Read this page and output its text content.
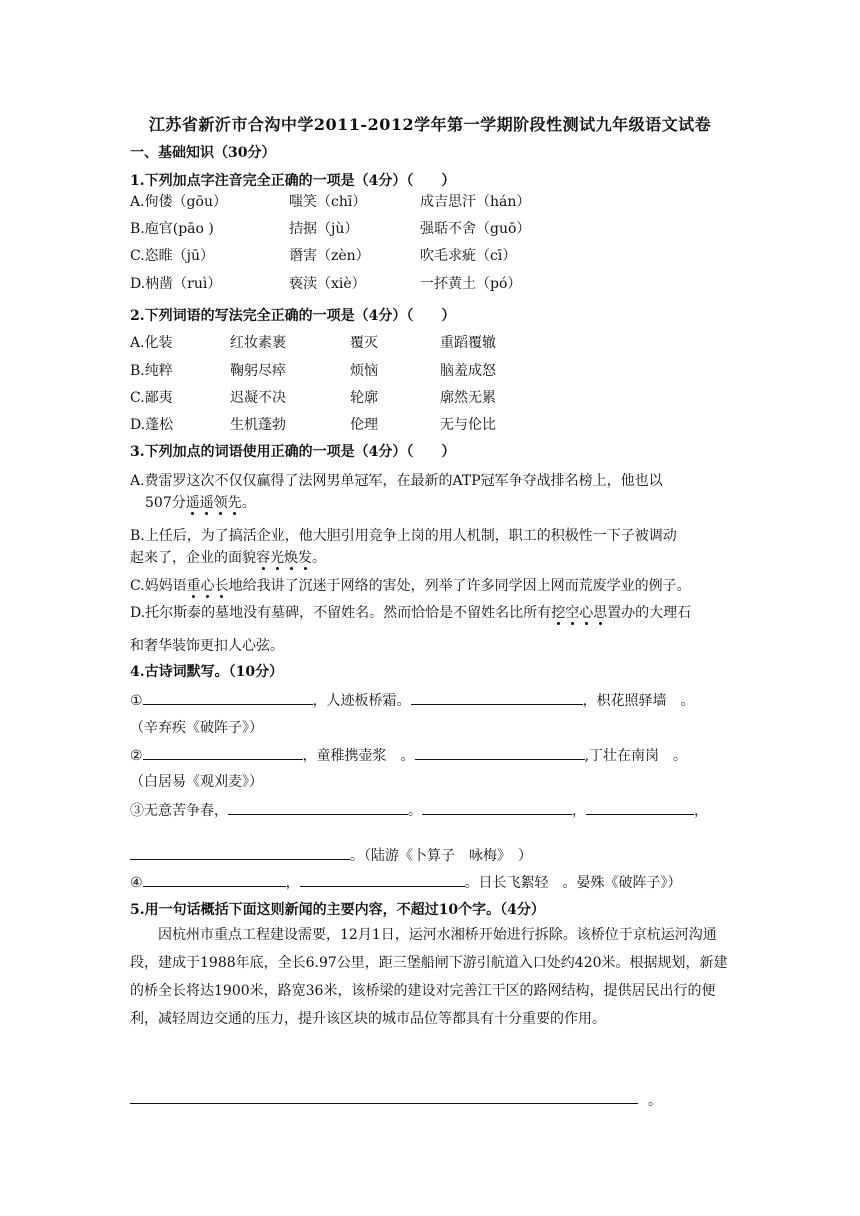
江苏省新沂市合沟中学2011-2012学年第一学期阶段性测试九年级语文试卷
一、基础知识（30分）
1.下列加点字注音完全正确的一项是（4分）（　　）
A.佝偻（gōu）	嗤笑（chī）	成吉思汗（hán）
B.庖官(pāo )	拮据（jù）	强聒不舍（guō）
C.恣睢（jū）	谮害（zèn）	吹毛求疵（cī）
D.枘凿（ruì）	亵渎（xiè）	一抔黄土（pó）
2.下列词语的写法完全正确的一项是（4分）（　　）
A.化装	红妆素裹	覆灭	重蹈覆辙
B.纯粹	鞠躬尽瘁	烦恼	脑羞成怒
C.鄙夷	迟凝不决	轮廓	廓然无累
D.蓬松	生机蓬勃	伦理	无与伦比
3.下列加点的词语使用正确的一项是（4分）（　　）
A.费雷罗这次不仅仅赢得了法网男单冠军，在最新的ATP冠军争夺战排名榜上，他也以
507分遥遥领先。
B.上任后，为了搞活企业，他大胆引用竞争上岗的用人机制，职工的积极性一下子被调动
起来了，企业的面貌容光焕发。
C.妈妈语重心长地给我讲了沉迷于网络的害处，列举了许多同学因上网而荒废学业的例子。
D.托尔斯泰的墓地没有墓碑，不留姓名。然而恰恰是不留姓名比所有挖空心思置办的大理石
和奢华装饰更扣人心弦。
4.古诗词默写。（10分）
①	，人迹板桥霜。	，枳花照驿墙　。
（辛弃疾《破阵子》）
②	，童稚携壶浆　。	,丁壮在南岗　。
（白居易《观刈麦》）
③无意苦争春，	。	，	，
。（陆游《卜算子　咏梅》　）
④	，	。日长飞絮轻　。晏殊《破阵子》）
5.用一句话概括下面这则新闻的主要内容，不超过10个字。（4分）
因杭州市重点工程建设需要，12月1日，运河水湘桥开始进行拆除。该桥位于京杭运河沟通段，建成于1988年底，全长6.97公里，距三堡船闸下游引航道入口处约420米。根据规划，新建的桥全长将达1900米，路宽36米，该桥梁的建设对完善江干区的路网结构，提供居民出行的便利，减轻周边交通的压力，提升该区块的城市品位等都具有十分重要的作用。
。
